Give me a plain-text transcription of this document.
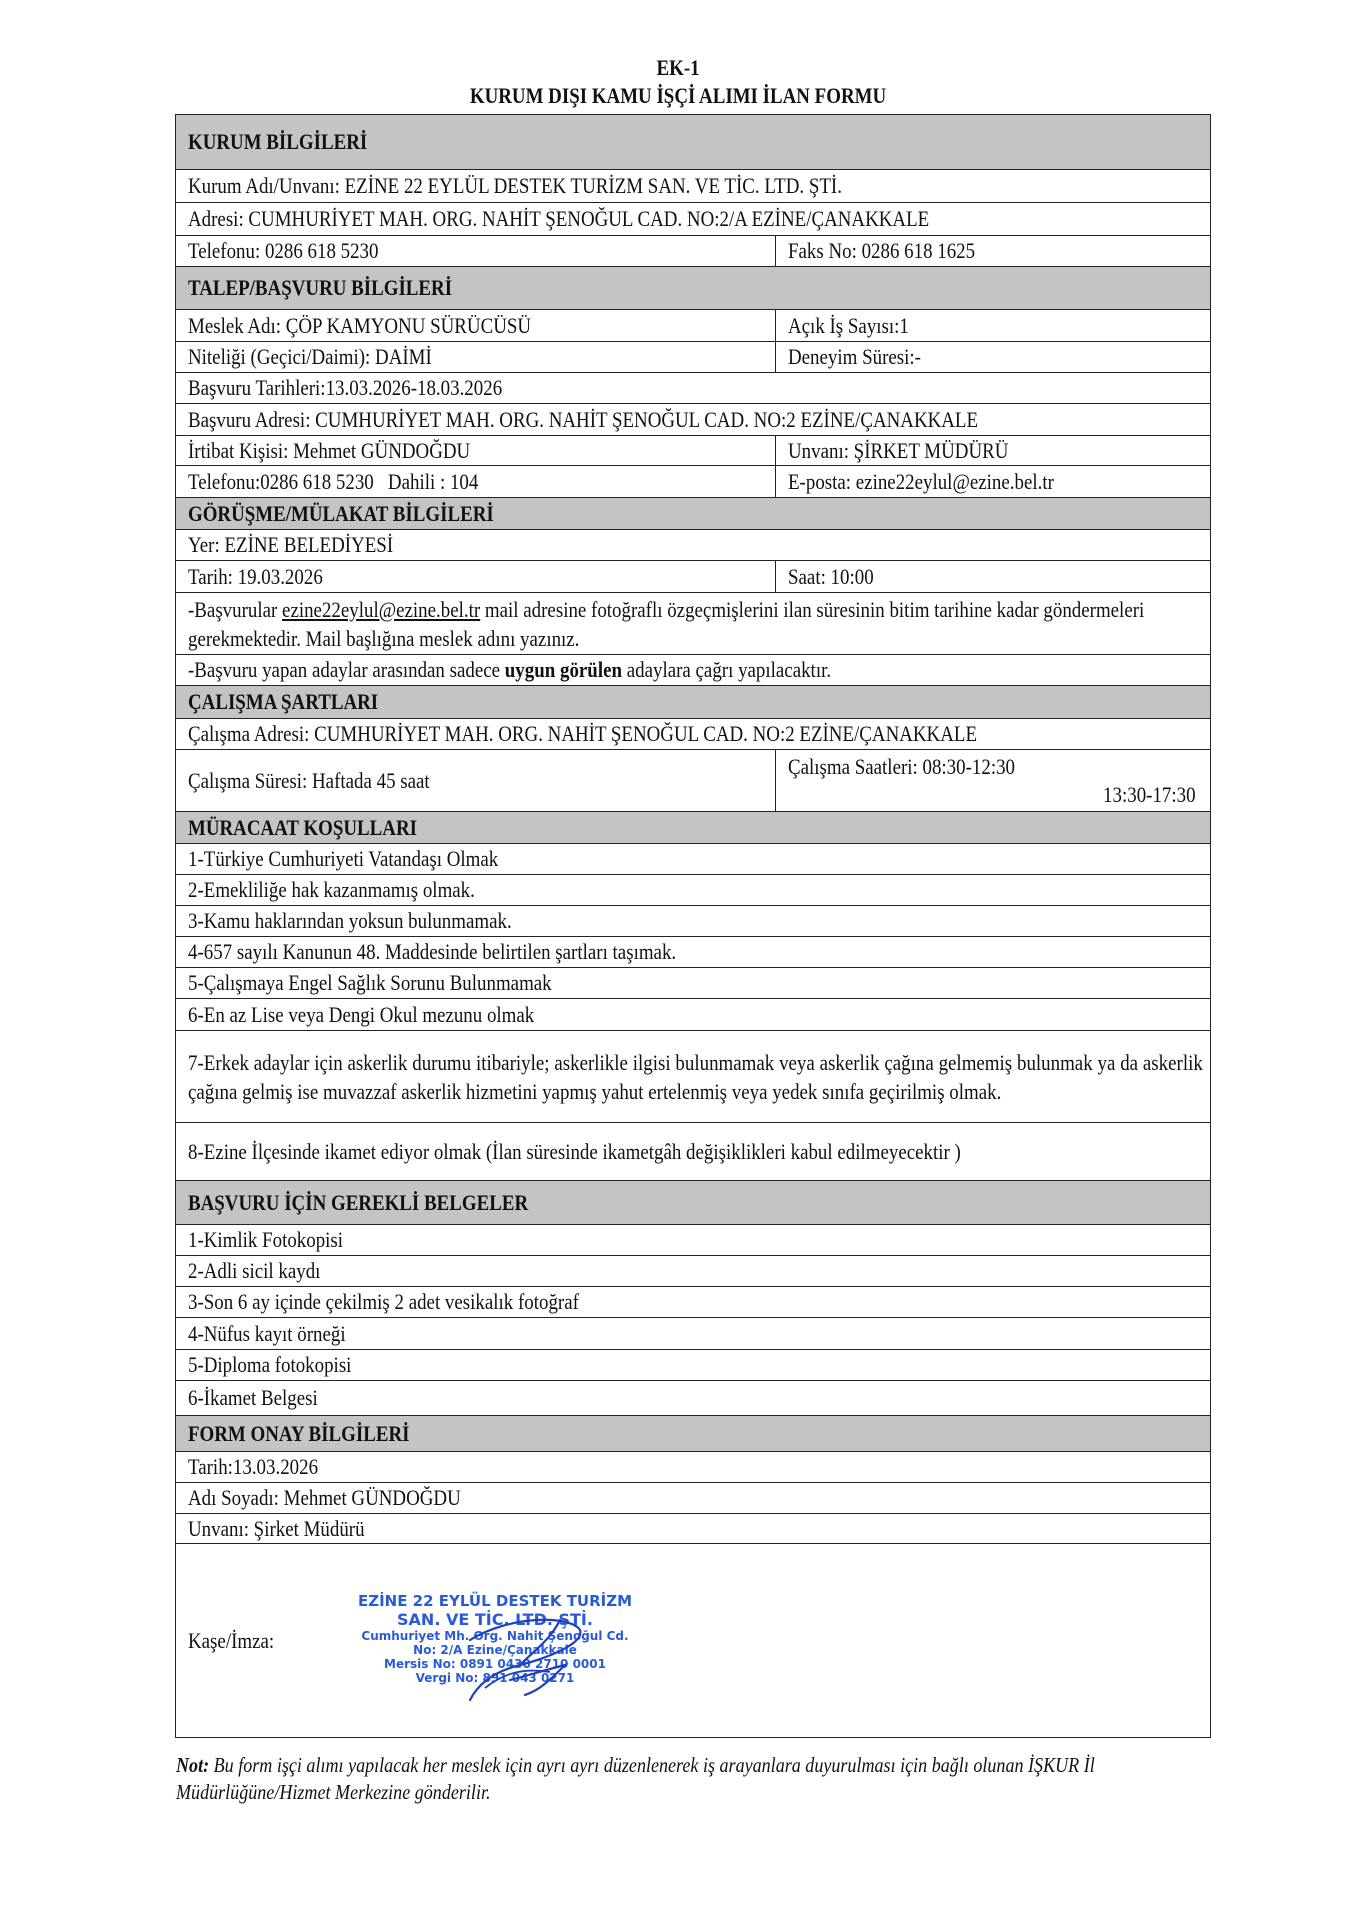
EK-1
KURUM DIŞI KAMU İŞÇİ ALIMI İLAN FORMU
KURUM BİLGİLERİ	
Kurum Adı/Unvanı: EZİNE 22 EYLÜL DESTEK TURİZM SAN. VE TİC. LTD. ŞTİ.	
Adresi: CUMHURİYET MAH. ORG. NAHİT ŞENOĞUL CAD. NO:2/A EZİNE/ÇANAKKALE	
Telefonu: 0286 618 5230	Faks No: 0286 618 1625
TALEP/BAŞVURU BİLGİLERİ	
Meslek Adı: ÇÖP KAMYONU SÜRÜCÜSÜ	Açık İş Sayısı:1
Niteliği (Geçici/Daimi): DAİMİ	Deneyim Süresi:-
Başvuru Tarihleri:13.03.2026-18.03.2026	
Başvuru Adresi: CUMHURİYET MAH. ORG. NAHİT ŞENOĞUL CAD. NO:2 EZİNE/ÇANAKKALE	
İrtibat Kişisi: Mehmet GÜNDOĞDU	Unvanı: ŞİRKET MÜDÜRÜ
Telefonu:0286 618 5230   Dahili : 104	E-posta: ezine22eylul@ezine.bel.tr
GÖRÜŞME/MÜLAKAT BİLGİLERİ	
Yer: EZİNE BELEDİYESİ	
Tarih: 19.03.2026	Saat: 10:00

-Başvurular ezine22eylul@ezine.bel.tr mail adresine fotoğraflı özgeçmişlerini ilan süresinin bitim tarihine kadar göndermeleri gerekmektedir. Mail başlığına meslek adını yazınız.	

-Başvuru yapan adaylar arasından sadece uygun görülen adaylara çağrı yapılacaktır.	
ÇALIŞMA ŞARTLARI	
Çalışma Adresi: CUMHURİYET MAH. ORG. NAHİT ŞENOĞUL CAD. NO:2 EZİNE/ÇANAKKALE	
Çalışma Süresi: Haftada 45 saat	Çalışma Saatleri: 08:30-12:30
13:30-17:30

MÜRACAAT KOŞULLARI	
1-Türkiye Cumhuriyeti Vatandaşı Olmak	
2-Emekliliğe hak kazanmamış olmak.	
3-Kamu haklarından yoksun bulunmamak.	
4-657 sayılı Kanunun 48. Maddesinde belirtilen şartları taşımak.	
5-Çalışmaya Engel Sağlık Sorunu Bulunmamak	
6-En az Lise veya Dengi Okul mezunu olmak	

7-Erkek adaylar için askerlik durumu itibariyle; askerlikle ilgisi bulunmamak veya askerlik çağına gelmemiş bulunmak ya da askerlik çağına gelmiş ise muvazzaf askerlik hizmetini yapmış yahut ertelenmiş veya yedek sınıfa geçirilmiş olmak.	

8-Ezine İlçesinde ikamet ediyor olmak (İlan süresinde ikametgâh değişiklikleri kabul edilmeyecektir )	

BAŞVURU İÇİN GEREKLİ BELGELER	
1-Kimlik Fotokopisi	
2-Adli sicil kaydı	
3-Son 6 ay içinde çekilmiş 2 adet vesikalık fotoğraf	
4-Nüfus kayıt örneği	
5-Diploma fotokopisi	
6-İkamet Belgesi	
FORM ONAY BİLGİLERİ	
Tarih:13.03.2026	
Adı Soyadı: Mehmet GÜNDOĞDU	
Unvanı: Şirket Müdürü	
Kaşe/İmza:	
EZİNE 22 EYLÜL DESTEK TURİZM
SAN. VE TİC. LTD. ŞTİ.
Cumhuriyet Mh. Org. Nahit Şenoğul Cd.
No: 2/A Ezine/Çanakkale
Mersis No: 0891 0430 2710 0001
Vergi No: 891 043 0271
Not: Bu form işçi alımı yapılacak her meslek için ayrı ayrı düzenlenerek iş arayanlara duyurulması için bağlı olunan İŞKUR İl Müdürlüğüne/Hizmet Merkezine gönderilir.
